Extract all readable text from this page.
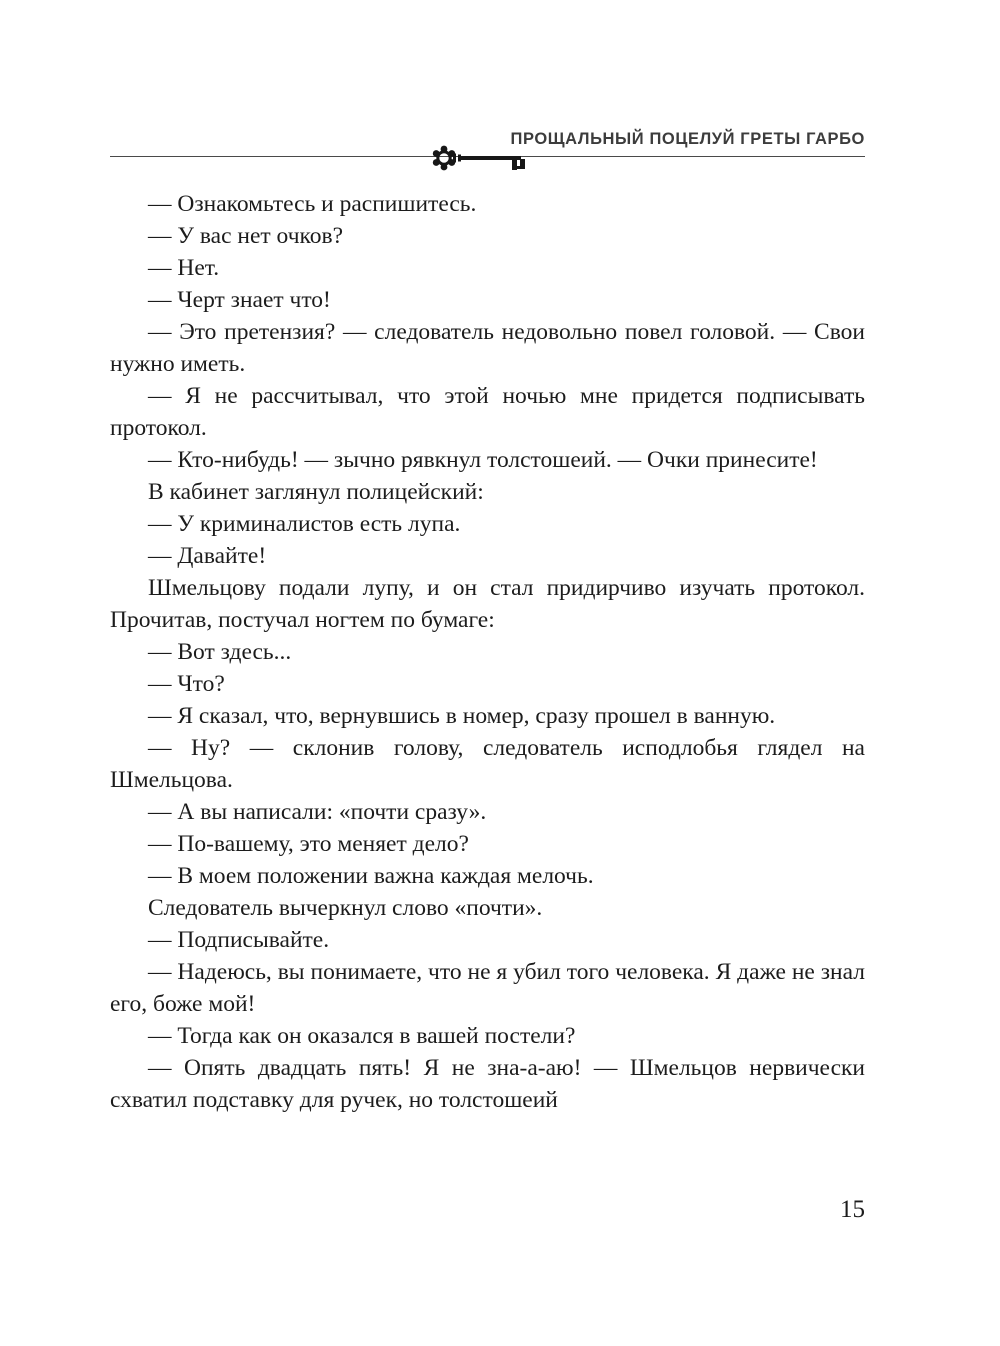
ПРОЩАЛЬНЫЙ ПОЦЕЛУЙ ГРЕТЫ ГАРБО

— Ознакомьтесь и распишитесь.

— У вас нет очков?

— Нет.

— Черт знает что!

— Это претензия? — следователь недовольно повел головой. — Свои нужно иметь.

— Я не рассчитывал, что этой ночью мне придется подписывать протокол.

— Кто-нибудь! — зычно рявкнул толстошеий. — Очки принесите!

В кабинет заглянул полицейский:

— У криминалистов есть лупа.

— Давайте!

Шмельцову подали лупу, и он стал придирчиво изучать протокол. Прочитав, постучал ногтем по бумаге:

— Вот здесь...

— Что?

— Я сказал, что, вернувшись в номер, сразу прошел в ванную.

— Ну? — склонив голову, следователь исподлобья глядел на Шмельцова.

— А вы написали: «почти сразу».

— По-вашему, это меняет дело?

— В моем положении важна каждая мелочь.

Следователь вычеркнул слово «почти».

— Подписывайте.

— Надеюсь, вы понимаете, что не я убил того человека. Я даже не знал его, боже мой!

— Тогда как он оказался в вашей постели?

— Опять двадцать пять! Я не зна-а-аю! — Шмельцов нервически схватил подставку для ручек, но толстошеий

15
